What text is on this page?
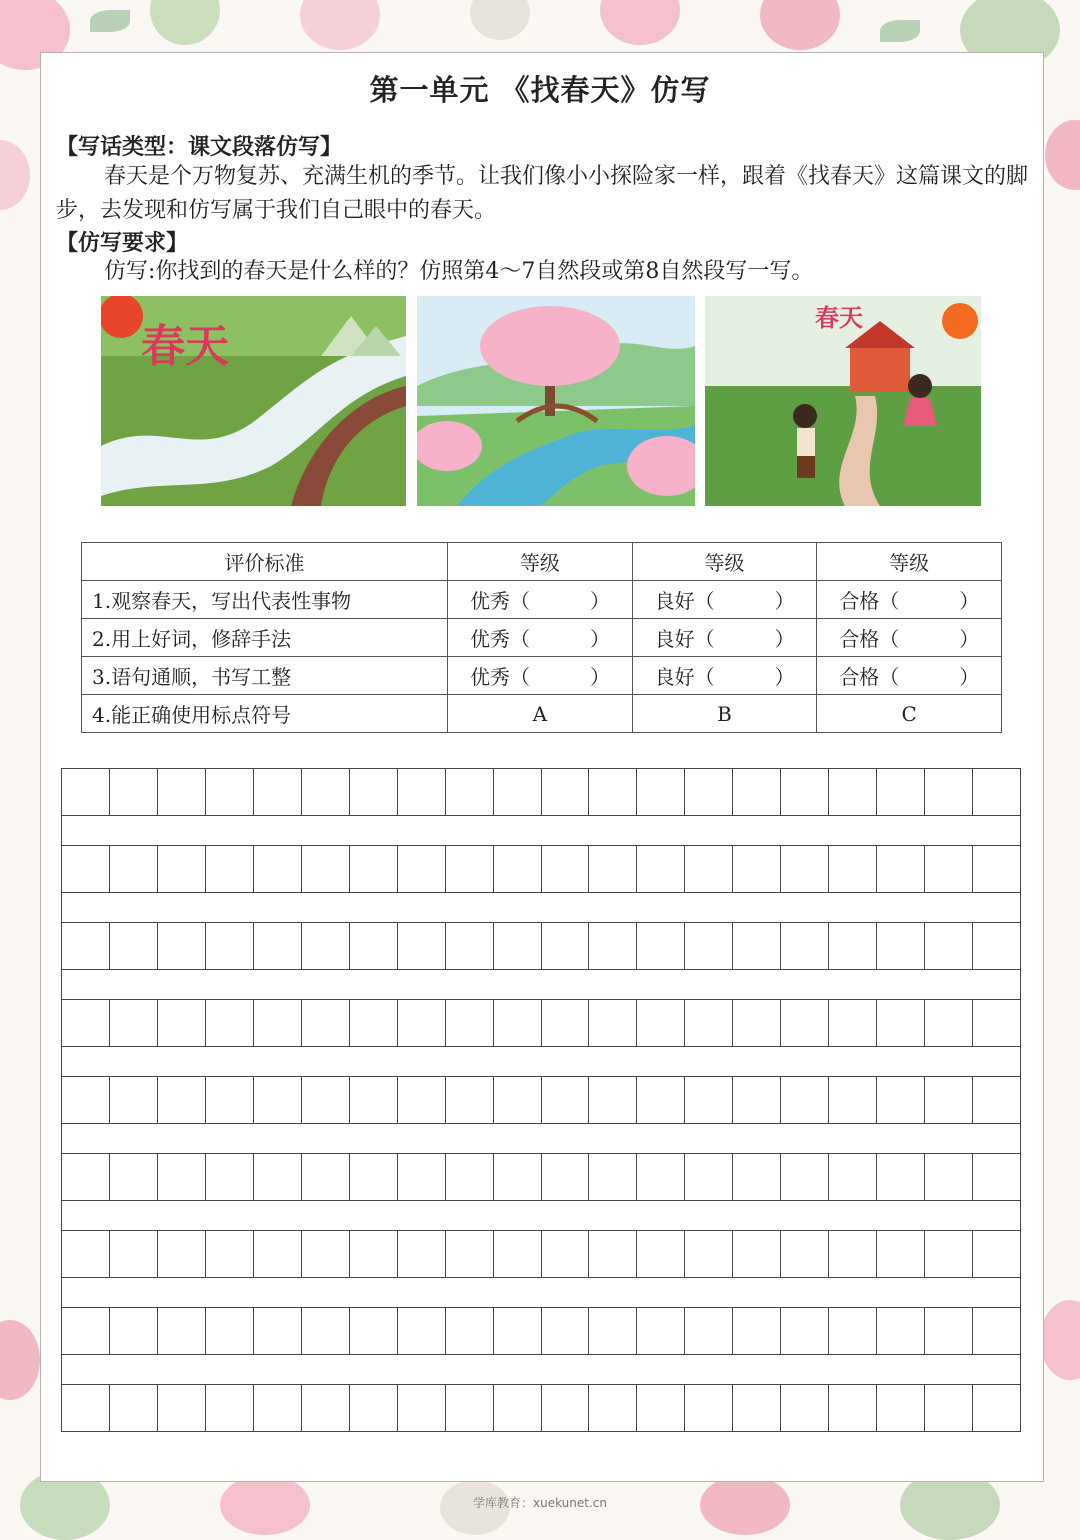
第一单元 《找春天》仿写
【写话类型：课文段落仿写】
春天是个万物复苏、充满生机的季节。让我们像小小探险家一样，跟着《找春天》这篇课文的脚步，去发现和仿写属于我们自己眼中的春天。
【仿写要求】
仿写:你找到的春天是什么样的？仿照第4～7自然段或第8自然段写一写。
春天
春天
评价标准	等级	等级	等级
1.观察春天，写出代表性事物	优秀（　　　）	良好（　　　）	合格（　　　）
2.用上好词，修辞手法	优秀（　　　）	良好（　　　）	合格（　　　）
3.语句通顺，书写工整	优秀（　　　）	良好（　　　）	合格（　　　）
4.能正确使用标点符号	A	B	C
学库教育：xuekunet.cn
